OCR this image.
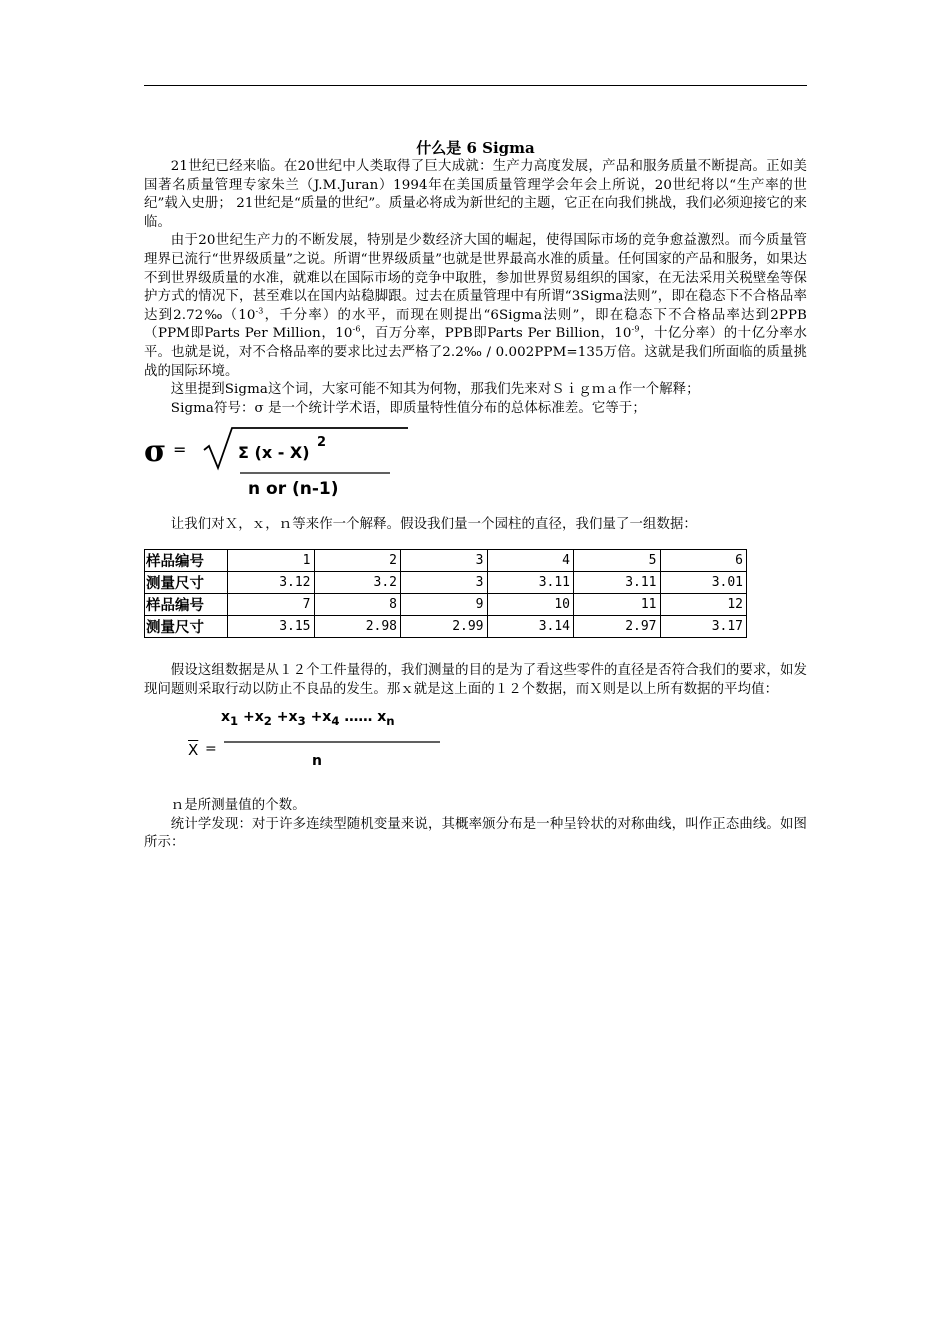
什么是 6 Sigma

21世纪已经来临。在20世纪中人类取得了巨大成就：生产力高度发展，产品和服务质量不断提高。正如美国著名质量管理专家朱兰（J.M.Juran）1994年在美国质量管理学会年会上所说，20世纪将以“生产率的世纪”载入史册； 21世纪是“质量的世纪”。质量必将成为新世纪的主题，它正在向我们挑战，我们必须迎接它的来临。

由于20世纪生产力的不断发展，特别是少数经济大国的崛起，使得国际市场的竞争愈益激烈。而今质量管理界已流行“世界级质量”之说。所谓“世界级质量”也就是世界最高水准的质量。任何国家的产品和服务，如果达不到世界级质量的水准，就难以在国际市场的竞争中取胜，参加世界贸易组织的国家，在无法采用关税壁垒等保护方式的情况下，甚至难以在国内站稳脚跟。过去在质量管理中有所谓“3Sigma法则”，即在稳态下不合格品率达到$2.72‰(10^{-3}$，千分率）的水平，而现在则提出“6Sigma法则”，即在稳态下不合格品率达到2PPB（PPM即Parts Per Million，$10^{-6}$，百万分率，PPB即Parts Per Billion，$10^{-9}$，十亿分率）的十亿分率水平。也就是说，对不合格品率的要求比过去严格了2.2‰ / 0.002PPM=135万倍。这就是我们所面临的质量挑战的国际环境。

这里提到Sigma这个词，大家可能不知其为何物，那我们先来对Ｓｉｇｍａ作一个解释；

Sigma符号：σ 是一个统计学术语，即质量特性值分布的总体标准差。它等于；

σ =	Σ (x - X)
2
n or (n-1)

让我们对Ｘ，ｘ，ｎ等来作一个解释。假设我们量一个园柱的直径，我们量了一组数据：

样品编号	1	2	3	4	5	6
测量尺寸	3.12	3.2	3	3.11	3.11	3.01
样品编号	7	8	9	10	11	12
测量尺寸	3.15	2.98	2.99	3.14	2.97	3.17

假设这组数据是从１２个工件量得的，我们测量的目的是为了看这些零件的直径是否符合我们的要求，如发现问题则采取行动以防止不良品的发生。那ｘ就是这上面的１２个数据，而Ｘ则是以上所有数据的平均值：

$\overline{X}$ =
$x_1 +x_2 +x_3 +x_4$ …… $x_n$
n

ｎ是所测量值的个数。

统计学发现：对于许多连续型随机变量来说，其概率颁分布是一种呈铃状的对称曲线，叫作正态曲线。如图所示：
